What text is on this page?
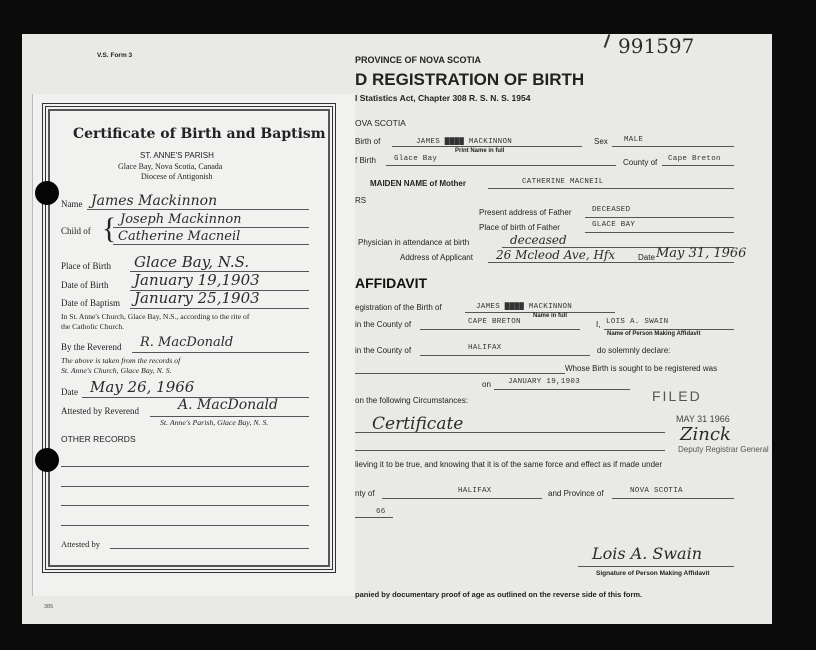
991597
PROVINCE OF NOVA SCOTIA
D REGISTRATION OF BIRTH
l Statistics Act, Chapter 308 R. S. N. S. 1954
OVA SCOTIA
Birth of	JAMES ▇▇▇▇ MACKINNON
Print Name in full
Sex MALE
f Birth Glace Bay	County of Cape Breton
MAIDEN NAME of Mother	CATHERINE MACNEIL
RS
Present address of Father	DECEASED
Place of birth of Father	GLACE BAY
Physician in attendance at birth	deceased
Address of Applicant 26 Mcleod Ave, Hfx	Date May 31, 1966
AFFIDAVIT
egistration of the Birth of	JAMES ▇▇▇▇ MACKINNON
Name in full
in the County of	CAPE BRETON	I, LOIS A. SWAIN
Name of Person Making Affidavit
in the County of	HALIFAX	do solemnly declare:
Whose Birth is sought to be registered was
on JANUARY 19,1903
on the following Circumstances:	FILED
MAY 31 1966
Certificate	Zinck
Deputy Registrar General
lieving it to be true, and knowing that it is of the same force and effect as if made under
nty of	HALIFAX	and Province of	NOVA SCOTIA
66
Lois A. Swain
Signature of Person Making Affidavit
panied by documentary proof of age as outlined on the reverse side of this form.
V.S. Form 3
385
Certificate of Birth and Baptism
ST. ANNE'S PARISH
Glace Bay, Nova Scotia, Canada
Diocese of Antigonish
Name James Mackinnon
Child of { Joseph Mackinnon
Catherine Macneil
Place of Birth Glace Bay, N.S.
Date of Birth January 19,1903
Date of Baptism January 25,1903
In St. Anne's Church, Glace Bay, N.S., according to the rite of
the Catholic Church.
By the Reverend R. MacDonald
The above is taken from the records of
St. Anne's Church, Glace Bay, N. S.
Date May 26, 1966
Attested by Reverend	A. MacDonald
St. Anne's Parish, Glace Bay, N. S.
OTHER RECORDS
Attested by
